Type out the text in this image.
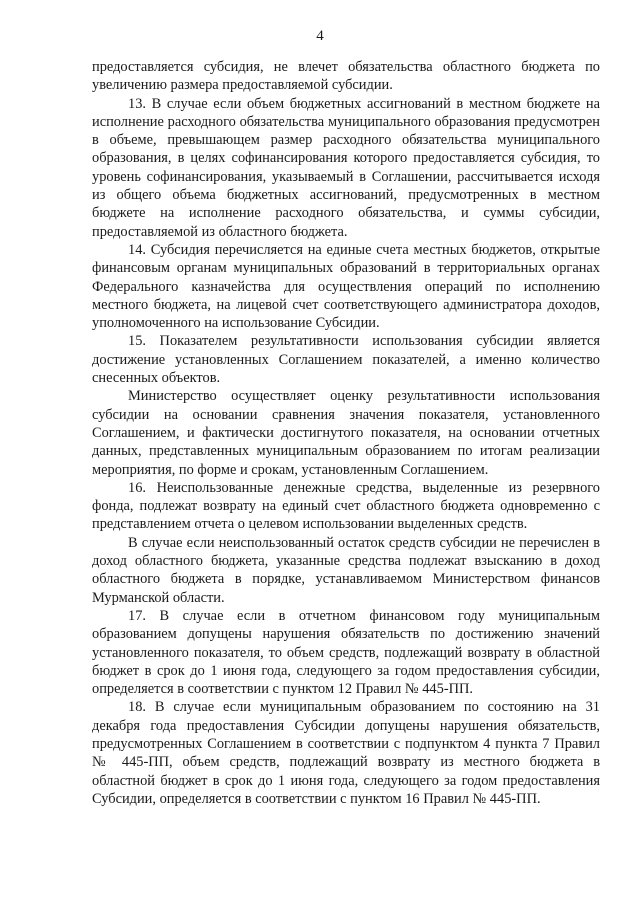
4

предоставляется субсидия, не влечет обязательства областного бюджета по увеличению размера предоставляемой субсидии.

13. В случае если объем бюджетных ассигнований в местном бюджете на исполнение расходного обязательства муниципального образования предусмотрен в объеме, превышающем размер расходного обязательства муниципального образования, в целях софинансирования которого предоставляется субсидия, то уровень софинансирования, указываемый в Соглашении, рассчитывается исходя из общего объема бюджетных ассигнований, предусмотренных в местном бюджете на исполнение расходного обязательства, и суммы субсидии, предоставляемой из областного бюджета.

14. Субсидия перечисляется на единые счета местных бюджетов, открытые финансовым органам муниципальных образований в территориальных органах Федерального казначейства для осуществления операций по исполнению местного бюджета, на лицевой счет соответствующего администратора доходов, уполномоченного на использование Субсидии.

15. Показателем результативности использования субсидии является достижение установленных Соглашением показателей, а именно количество снесенных объектов.

Министерство осуществляет оценку результативности использования субсидии на основании сравнения значения показателя, установленного Соглашением, и фактически достигнутого показателя, на основании отчетных данных, представленных муниципальным образованием по итогам реализации мероприятия, по форме и срокам, установленным Соглашением.

16. Неиспользованные денежные средства, выделенные из резервного фонда, подлежат возврату на единый счет областного бюджета одновременно с представлением отчета о целевом использовании выделенных средств.

В случае если неиспользованный остаток средств субсидии не перечислен в доход областного бюджета, указанные средства подлежат взысканию в доход областного бюджета в порядке, устанавливаемом Министерством финансов Мурманской области.

17. В случае если в отчетном финансовом году муниципальным образованием допущены нарушения обязательств по достижению значений установленного показателя, то объем средств, подлежащий возврату в областной бюджет в срок до 1 июня года, следующего за годом предоставления субсидии, определяется в соответствии с пунктом 12 Правил № 445-ПП.

18. В случае если муниципальным образованием по состоянию на 31 декабря года предоставления Субсидии допущены нарушения обязательств, предусмотренных Соглашением в соответствии с подпунктом 4 пункта 7 Правил № 445-ПП, объем средств, подлежащий возврату из местного бюджета в областной бюджет в срок до 1 июня года, следующего за годом предоставления Субсидии, определяется в соответствии с пунктом 16 Правил № 445-ПП.
